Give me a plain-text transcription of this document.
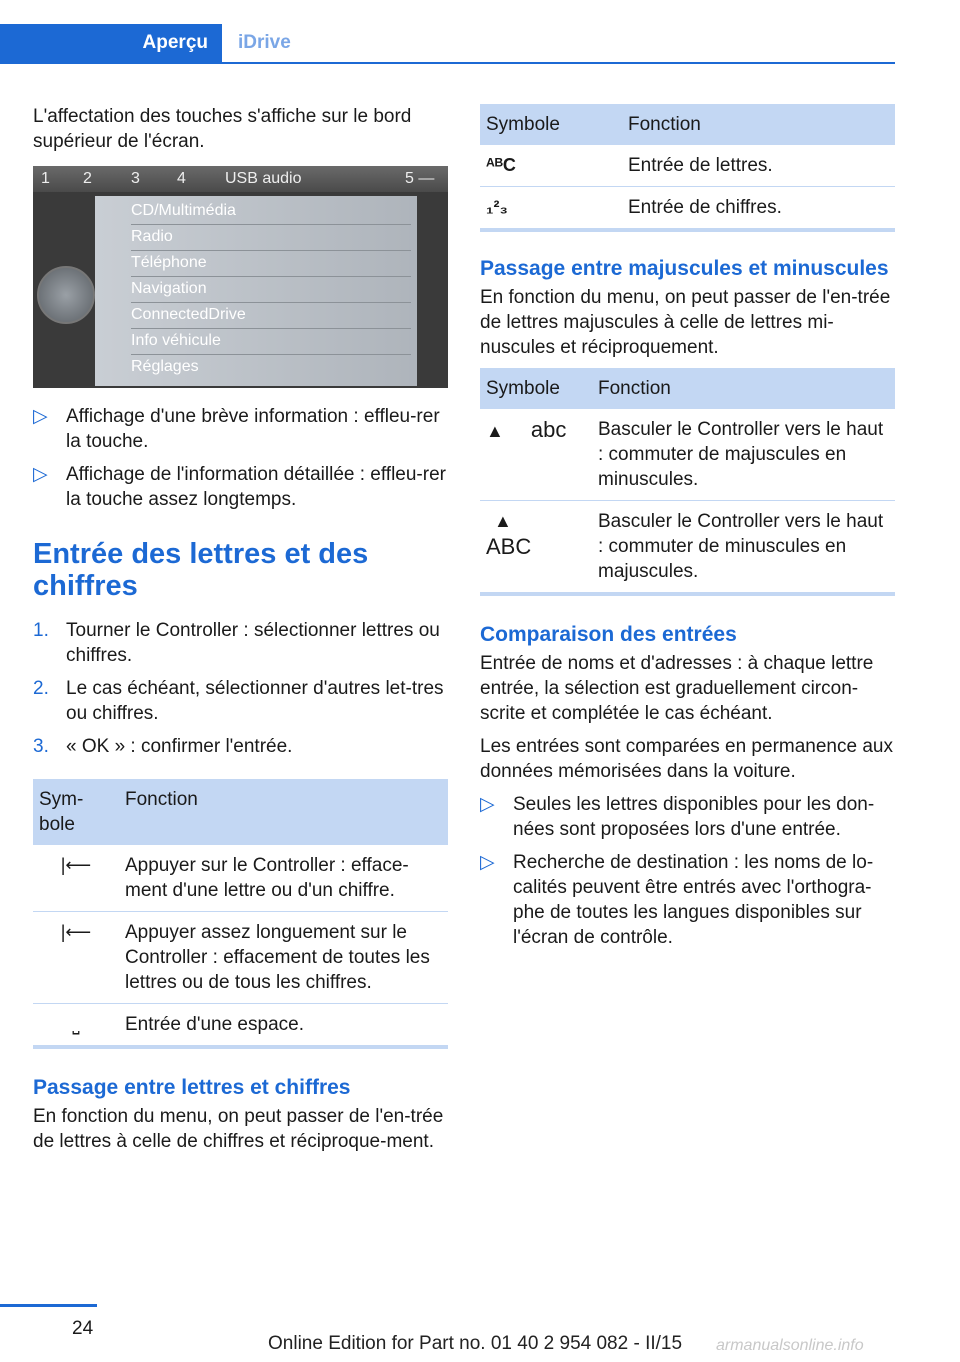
Aperçu	iDrive

L'affectation des touches s'affiche sur le bord supérieur de l'écran.

1 2 3 4 USB audio	5 —
CD/Multimédia
Radio
Téléphone
Navigation
ConnectedDrive
Info véhicule
Réglages
▷ Affichage d'une brève information : effleu‐rer la touche.
▷ Affichage de l'information détaillée : effleu‐rer la touche assez longtemps.
Entrée des lettres et des chiffres
1. Tourner le Controller : sélectionner lettres ou chiffres.
2. Le cas échéant, sélectionner d'autres let‐tres ou chiffres.
3. « OK » : confirmer l'entrée.
Sym‐bole	Fonction
|⟵	Appuyer sur le Controller : efface‐ment d'une lettre ou d'un chiffre.
|⟵	Appuyer assez longuement sur le Controller : effacement de toutes les lettres ou de tous les chiffres.
⎵	Entrée d'une espace.
Passage entre lettres et chiffres

En fonction du menu, on peut passer de l'en‐trée de lettres à celle de chiffres et réciproque‐ment.

Symbole	Fonction
ᴬᴮC	Entrée de lettres.
₁²₃	Entrée de chiffres.
Passage entre majuscules et minuscules

En fonction du menu, on peut passer de l'en‐trée de lettres majuscules à celle de lettres mi‐nuscules et réciproquement.

Symbole	Fonction
▲ abc	Basculer le Controller vers le haut : commuter de majuscules en minuscules.

▲
ABC	Basculer le Controller vers le haut : commuter de minuscules en majuscules.
Comparaison des entrées

Entrée de noms et d'adresses : à chaque lettre entrée, la sélection est graduellement circon‐scrite et complétée le cas échéant.

Les entrées sont comparées en permanence aux données mémorisées dans la voiture.

▷ Seules les lettres disponibles pour les don‐nées sont proposées lors d'une entrée.
▷ Recherche de destination : les noms de lo‐calités peuvent être entrés avec l'orthogra‐phe de toutes les langues disponibles sur l'écran de contrôle.
24
Online Edition for Part no. 01 40 2 954 082 - II/15 armanualsonline.info
